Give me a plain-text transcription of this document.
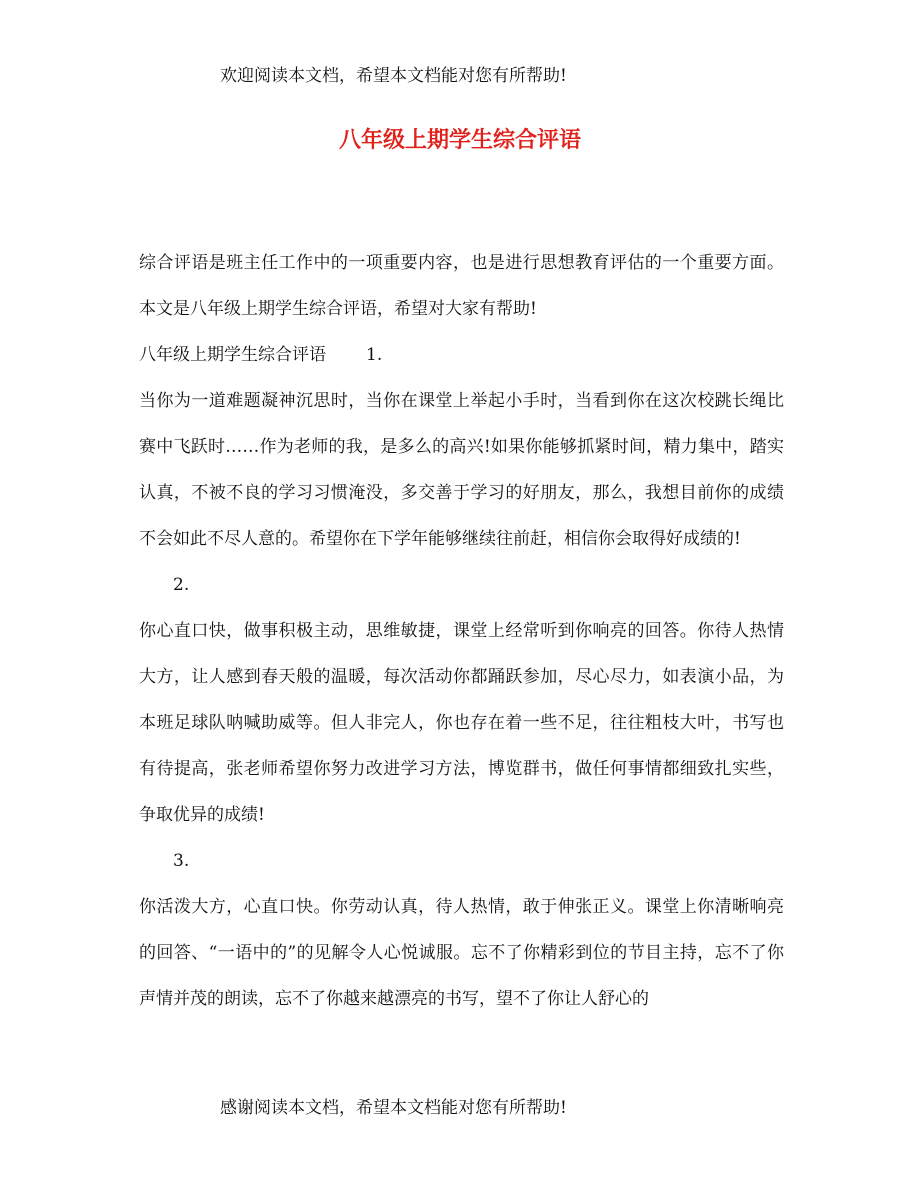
欢迎阅读本文档，希望本文档能对您有所帮助!
八年级上期学生综合评语

综合评语是班主任工作中的一项重要内容，也是进行思想教育评估的一个重要方面。本文是八年级上期学生综合评语，希望对大家有帮助!

八年级上期学生综合评语 1.

当你为一道难题凝神沉思时，当你在课堂上举起小手时，当看到你在这次校跳长绳比赛中飞跃时……作为老师的我，是多么的高兴!如果你能够抓紧时间，精力集中，踏实认真，不被不良的学习习惯淹没，多交善于学习的好朋友，那么，我想目前你的成绩不会如此不尽人意的。希望你在下学年能够继续往前赶，相信你会取得好成绩的!

2.

你心直口快，做事积极主动，思维敏捷，课堂上经常听到你响亮的回答。你待人热情大方，让人感到春天般的温暖，每次活动你都踊跃参加，尽心尽力，如表演小品，为本班足球队呐喊助威等。但人非完人，你也存在着一些不足，往往粗枝大叶，书写也有待提高，张老师希望你努力改进学习方法，博览群书，做任何事情都细致扎实些，争取优异的成绩!

3.

你活泼大方，心直口快。你劳动认真，待人热情，敢于伸张正义。课堂上你清晰响亮的回答、“一语中的”的见解令人心悦诚服。忘不了你精彩到位的节目主持，忘不了你声情并茂的朗读，忘不了你越来越漂亮的书写，望不了你让人舒心的

感谢阅读本文档，希望本文档能对您有所帮助!
